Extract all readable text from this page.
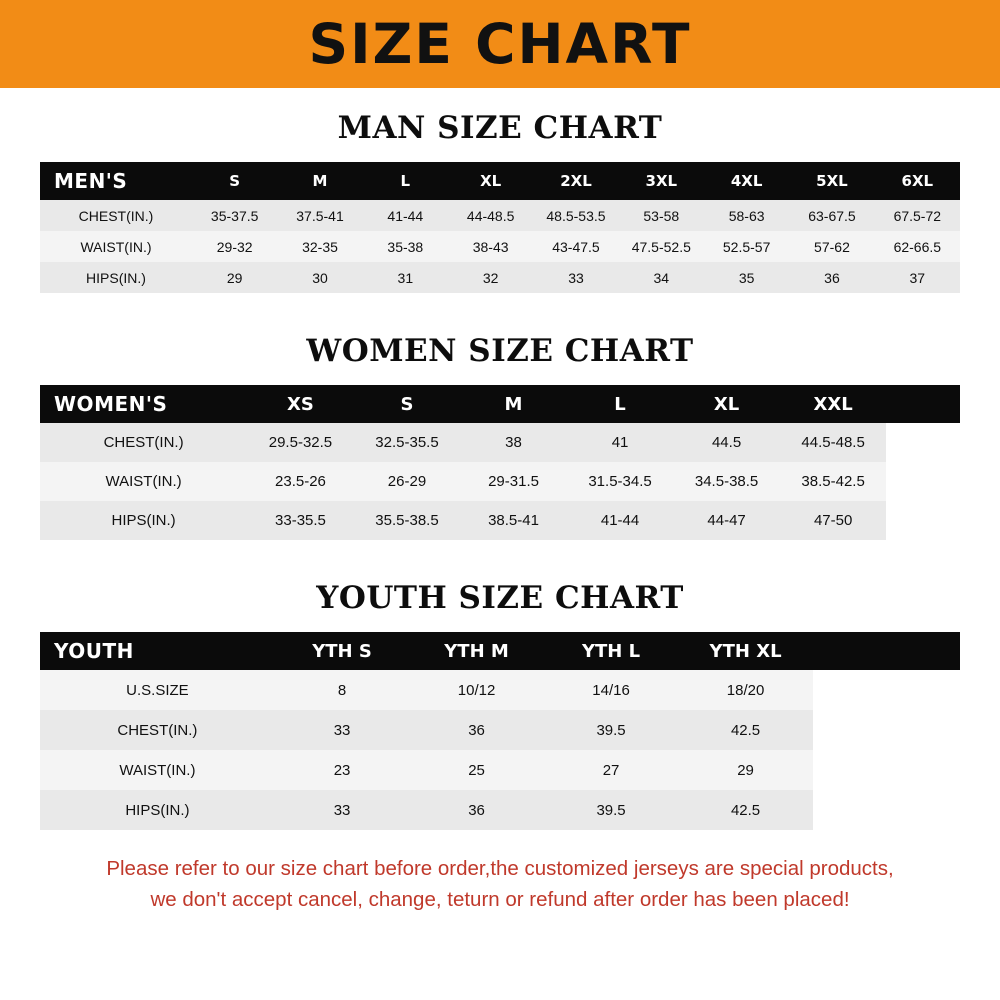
SIZE CHART
MAN SIZE CHART
MEN'S	S	M	L	XL	2XL	3XL	4XL	5XL	6XL
CHEST(IN.)	35-37.5	37.5-41	41-44	44-48.5	48.5-53.5	53-58	58-63	63-67.5	67.5-72
WAIST(IN.)	29-32	32-35	35-38	38-43	43-47.5	47.5-52.5	52.5-57	57-62	62-66.5
HIPS(IN.)	29	30	31	32	33	34	35	36	37
WOMEN SIZE CHART
WOMEN'S	XS	S	M	L	XL	XXL	
CHEST(IN.)	29.5-32.5	32.5-35.5	38	41	44.5	44.5-48.5	
WAIST(IN.)	23.5-26	26-29	29-31.5	31.5-34.5	34.5-38.5	38.5-42.5	
HIPS(IN.)	33-35.5	35.5-38.5	38.5-41	41-44	44-47	47-50	
YOUTH SIZE CHART
YOUTH	YTH S	YTH M	YTH L	YTH XL	
U.S.SIZE	8	10/12	14/16	18/20	
CHEST(IN.)	33	36	39.5	42.5	
WAIST(IN.)	23	25	27	29	
HIPS(IN.)	33	36	39.5	42.5	
Please refer to our size chart before order,the customized jerseys are special products,
we don't accept cancel, change, teturn or refund after order has been placed!
